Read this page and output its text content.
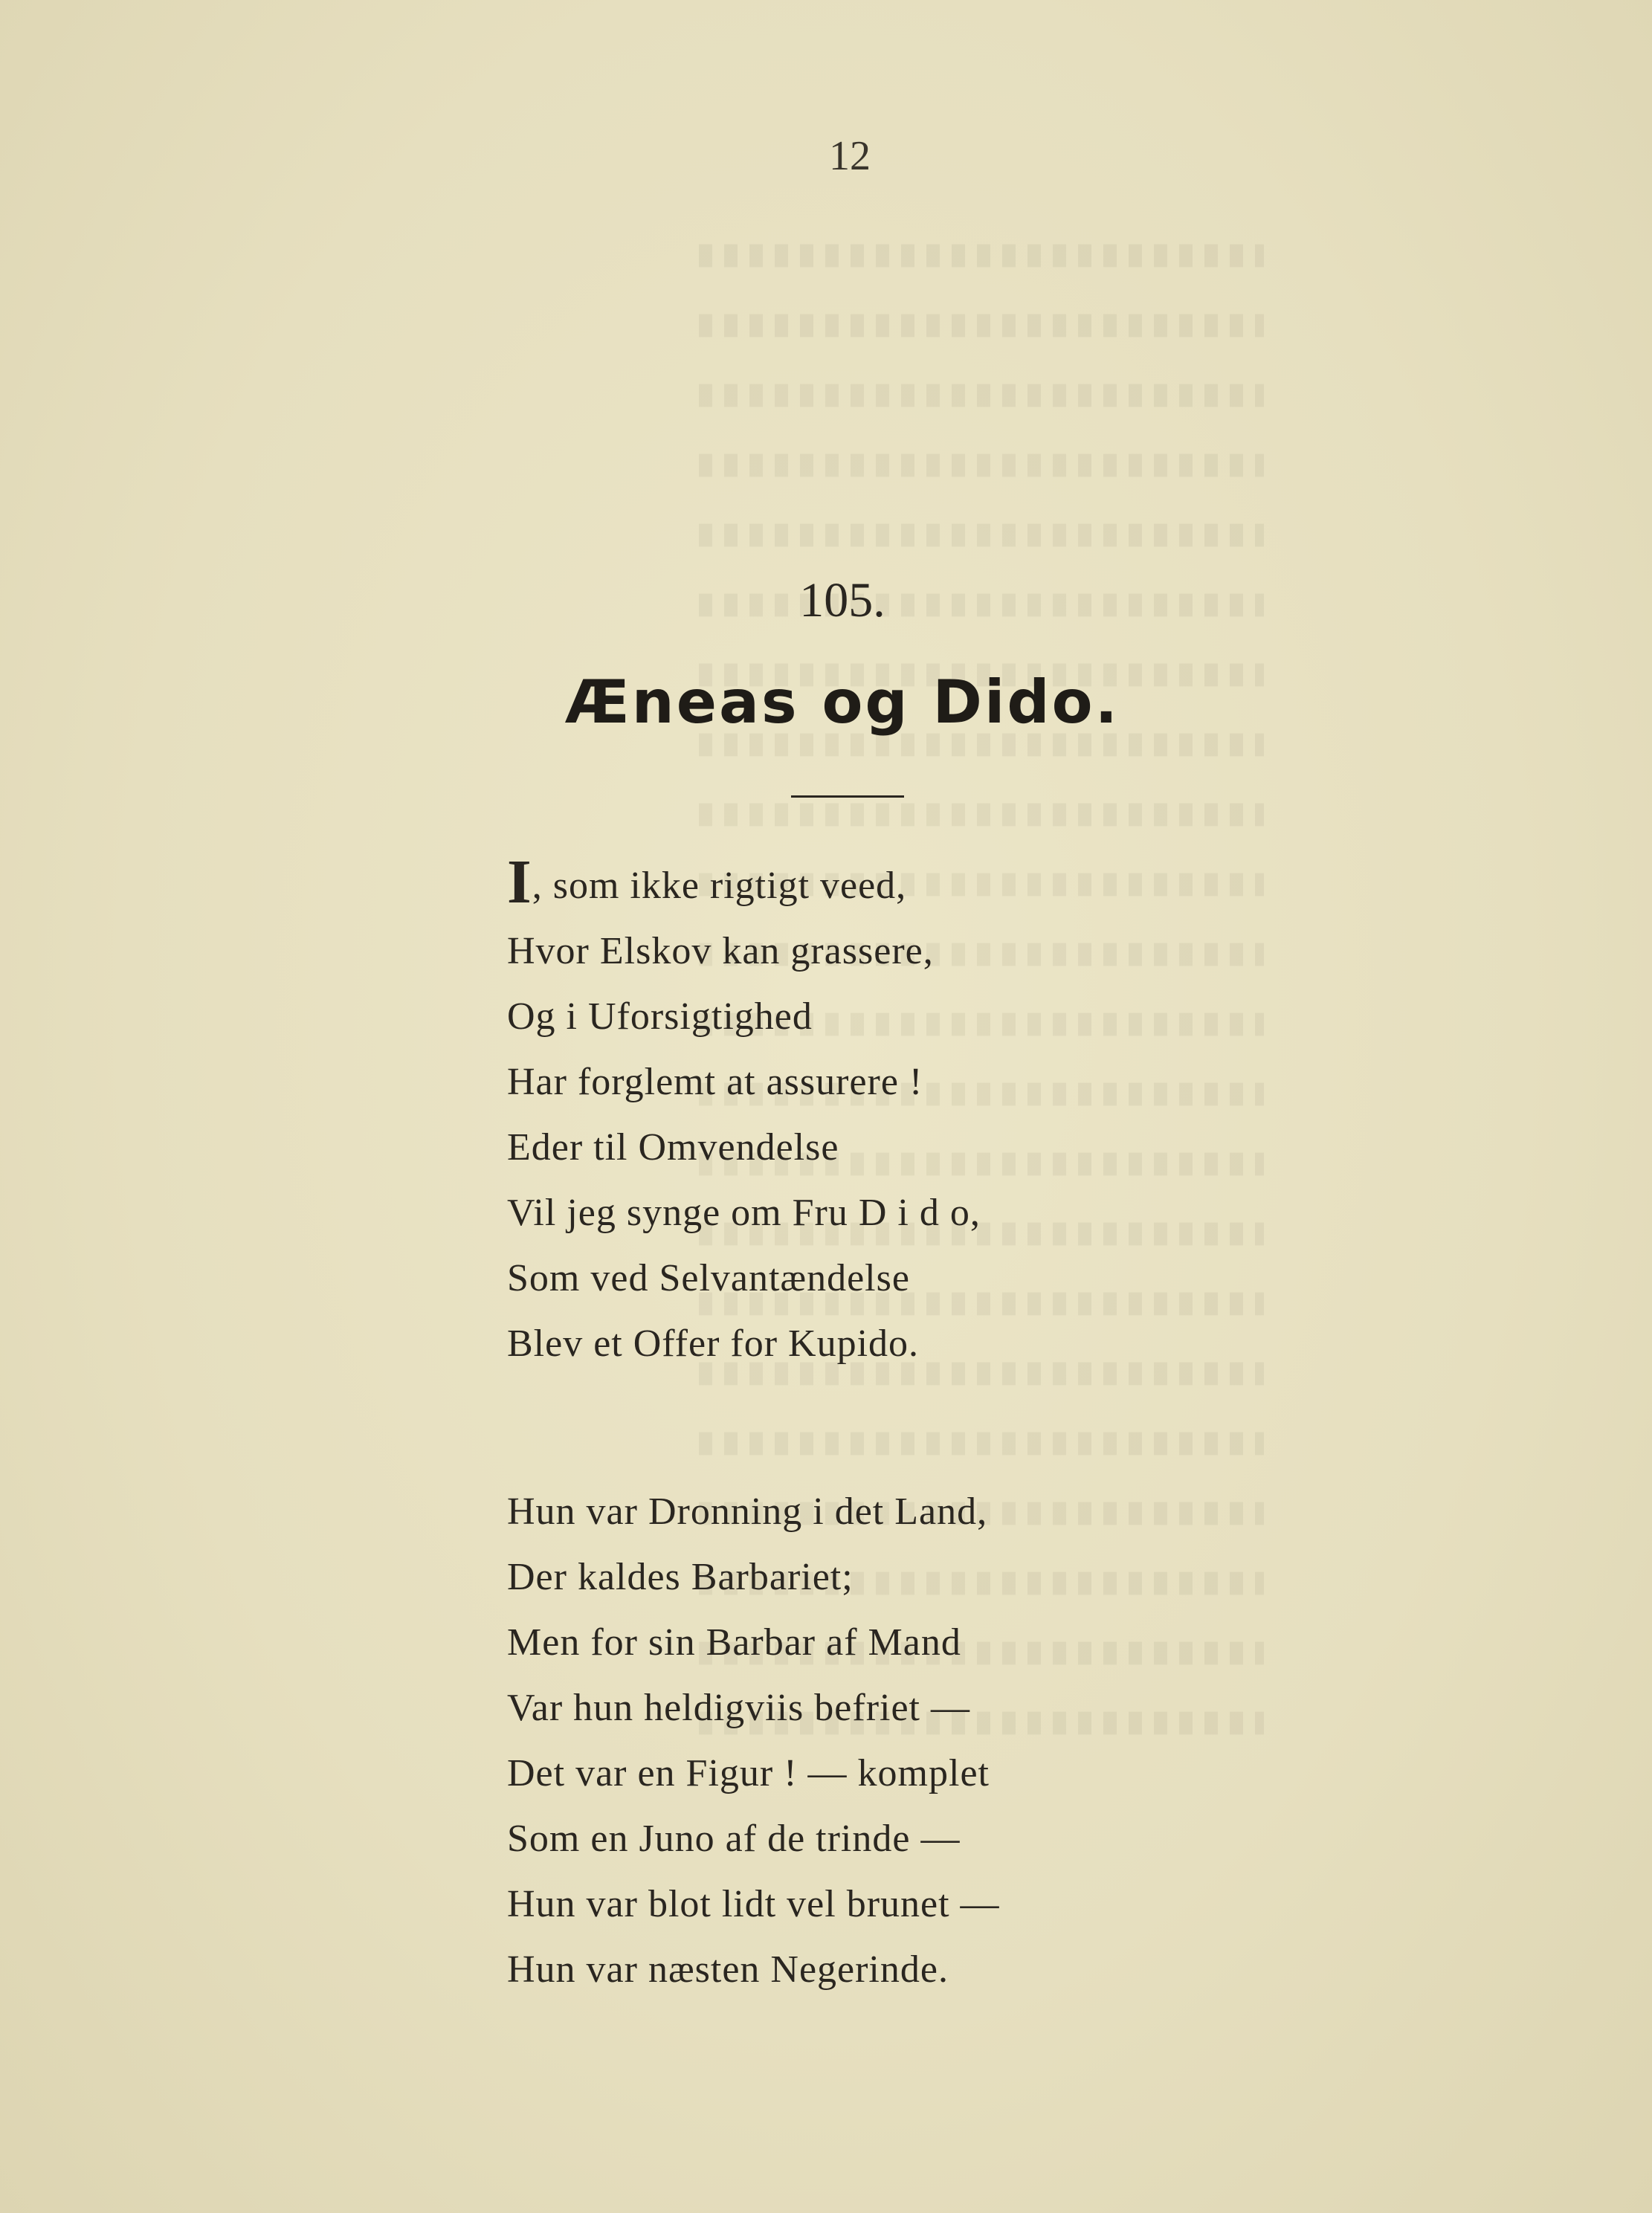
12
105.
Æneas og Dido.
I, som ikke rigtigt veed,
Hvor Elskov kan grassere,
Og i Uforsigtighed
Har forglemt at assurere !
Eder til Omvendelse
Vil jeg synge om Fru D i d o,
Som ved Selvantændelse
Blev et Offer for Kupido.
Hun var Dronning i det Land,
Der kaldes Barbariet;
Men for sin Barbar af Mand
Var hun heldigviis befriet —
Det var en Figur ! — komplet
Som en Juno af de trinde —
Hun var blot lidt vel brunet —
Hun var næsten Negerinde.
